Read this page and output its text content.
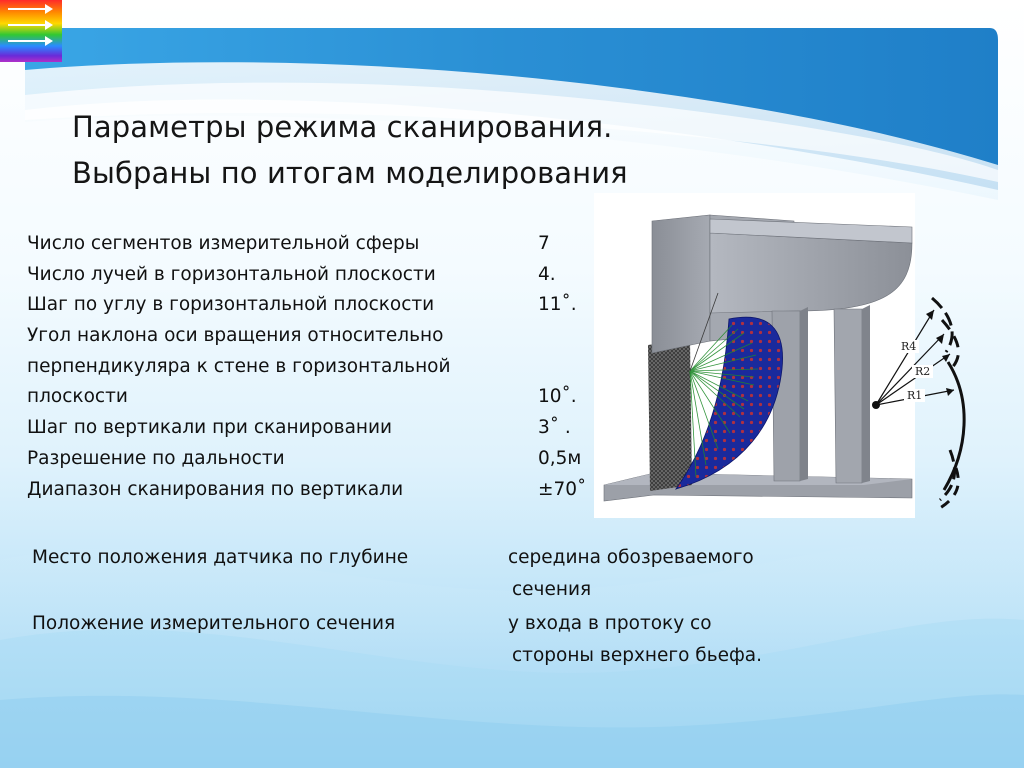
Параметры режима сканирования.
Выбраны по итогам моделирования
Число сегментов измерительной сферы	7
Число лучей в горизонтальной плоскости	4.
Шаг по углу в горизонтальной плоскости	11˚.
Угол наклона оси вращения относительно
перпендикуляра к стене в горизонтальной
плоскости	10˚.
Шаг по вертикали при сканировании	3˚ .
Разрешение по дальности	0,5м
Диапазон сканирования по вертикали	±70˚
Место положения датчика по глубине	середина обозреваемого
сечения
Положение измерительного сечения	у входа в протоку со
стороны верхнего бьефа.
R4
R2
R1
